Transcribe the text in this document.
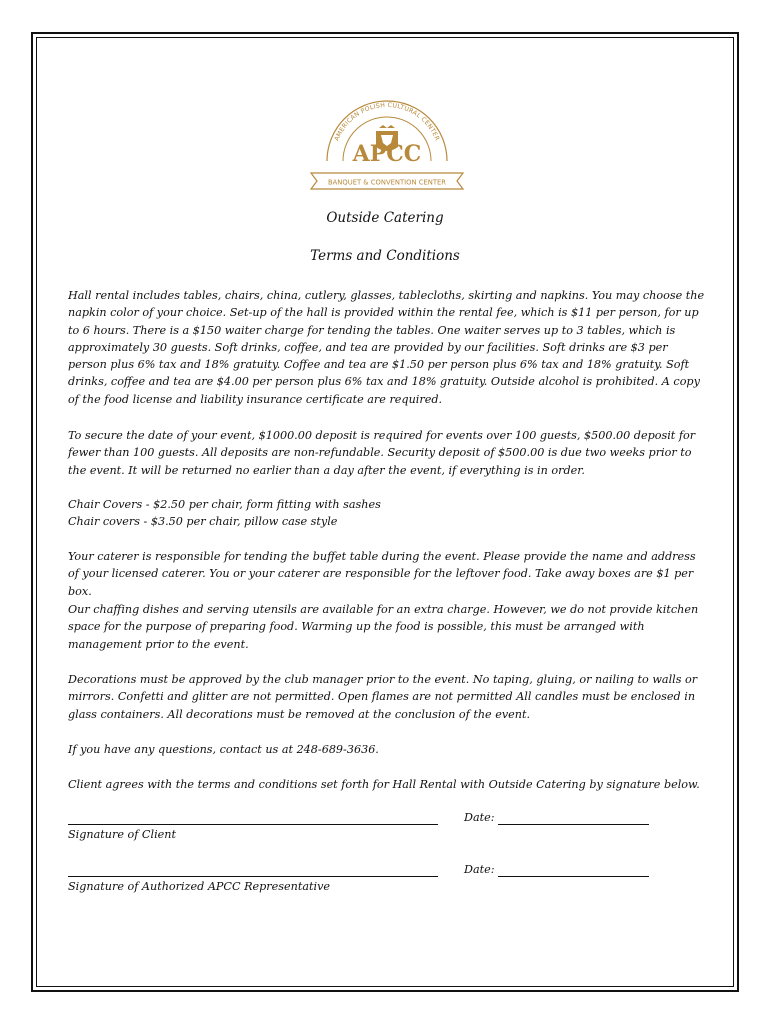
AMERICAN POLISH CULTURAL CENTER
APCC
BANQUET & CONVENTION CENTER
Outside Catering
Terms and Conditions

Hall rental includes tables, chairs, china, cutlery, glasses, tablecloths, skirting and napkins. You may choose the napkin color of your choice. Set-up of the hall is provided within the rental fee, which is $11 per person, for up to 6 hours. There is a $150 waiter charge for tending the tables. One waiter serves up to 3 tables, which is approximately 30 guests. Soft drinks, coffee, and tea are provided by our facilities. Soft drinks are $3 per person plus 6% tax and 18% gratuity. Coffee and tea are $1.50 per person plus 6% tax and 18% gratuity. Soft drinks, coffee and tea are $4.00 per person plus 6% tax and 18% gratuity. Outside alcohol is prohibited. A copy of the food license and liability insurance certificate are required.

To secure the date of your event, $1000.00 deposit is required for events over 100 guests, $500.00 deposit for fewer than 100 guests. All deposits are non-refundable. Security deposit of $500.00 is due two weeks prior to the event. It will be returned no earlier than a day after the event, if everything is in order.

Chair Covers - $2.50 per chair, form fitting with sashes

Chair covers - $3.50 per chair, pillow case style

Your caterer is responsible for tending the buffet table during the event. Please provide the name and address of your licensed caterer. You or your caterer are responsible for the leftover food. Take away boxes are $1 per box.

Our chaffing dishes and serving utensils are available for an extra charge. However, we do not provide kitchen space for the purpose of preparing food. Warming up the food is possible, this must be arranged with management prior to the event.

Decorations must be approved by the club manager prior to the event. No taping, gluing, or nailing to walls or mirrors. Confetti and glitter are not permitted. Open flames are not permitted All candles must be enclosed in glass containers. All decorations must be removed at the conclusion of the event.

If you have any questions, contact us at 248-689-3636.

Client agrees with the terms and conditions set forth for Hall Rental with Outside Catering by signature below.

Date:
Signature of Client
Date:
Signature of Authorized APCC Representative
